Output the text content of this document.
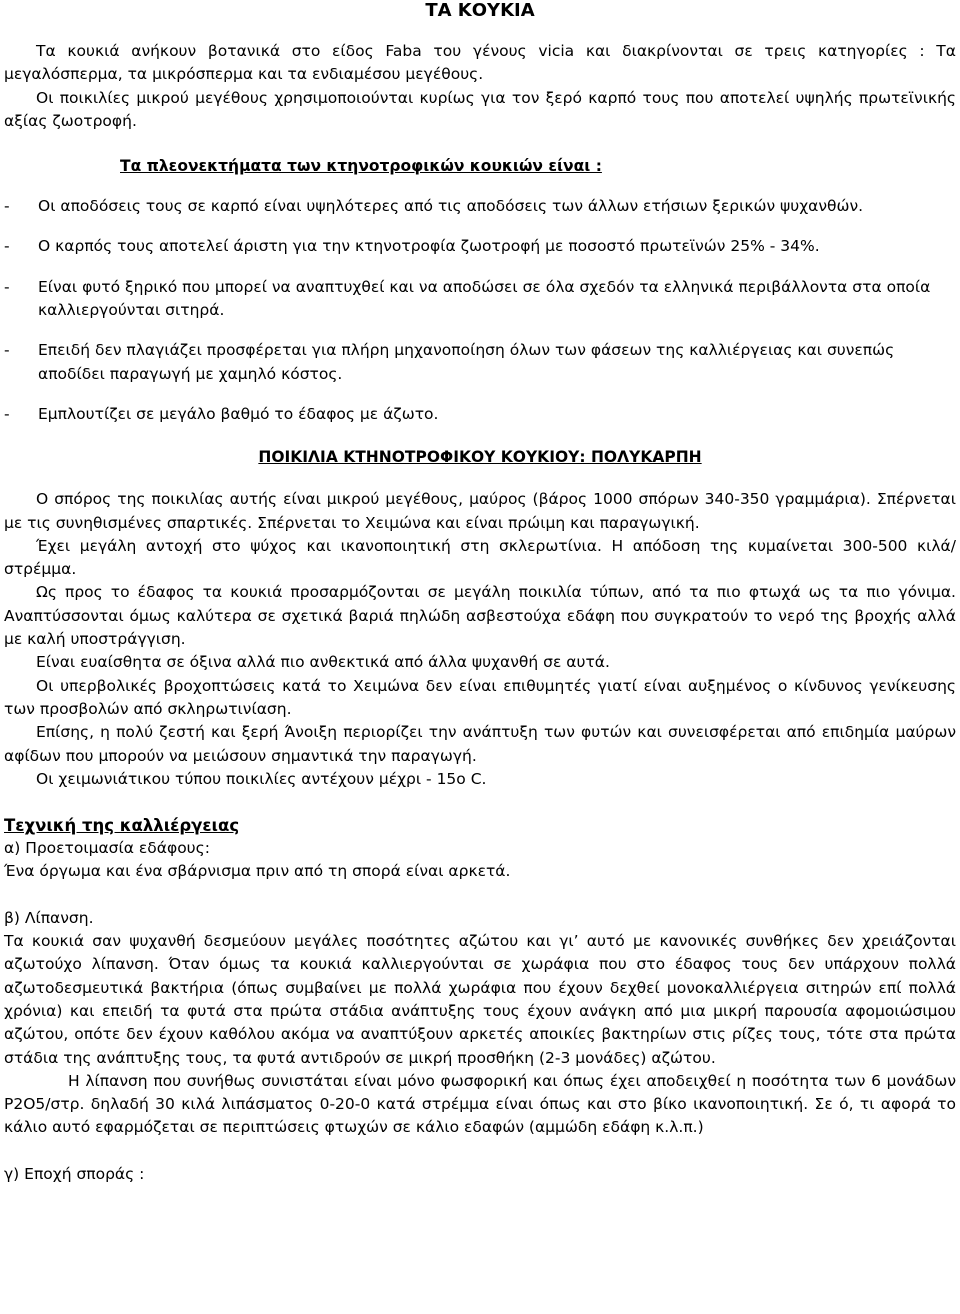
ΤΑ ΚΟΥΚΙΑ

Τα κουκιά ανήκουν βοτανικά στο είδος Faba του γένους vicia και διακρίνονται σε τρεις κατηγορίες : Τα μεγαλόσπερμα, τα μικρόσπερμα και τα ενδιαμέσου μεγέθους.

Οι ποικιλίες μικρού μεγέθους χρησιμοποιούνται κυρίως για τον ξερό καρπό τους που αποτελεί υψηλής πρωτεϊνικής αξίας ζωοτροφή.

Τα πλεονεκτήματα των κτηνοτροφικών κουκιών είναι :
- Οι αποδόσεις τους σε καρπό είναι υψηλότερες από τις αποδόσεις των άλλων ετήσιων ξερικών ψυχανθών.
- Ο καρπός τους αποτελεί άριστη για την κτηνοτροφία ζωοτροφή με ποσοστό πρωτεϊνών 25% - 34%.
- Είναι φυτό ξηρικό που μπορεί να αναπτυχθεί και να αποδώσει σε όλα σχεδόν τα ελληνικά περιβάλλοντα στα οποία καλλιεργούνται σιτηρά.
- Επειδή δεν πλαγιάζει προσφέρεται για πλήρη μηχανοποίηση όλων των φάσεων της καλλιέργειας και συνεπώς αποδίδει παραγωγή με χαμηλό κόστος.
- Εμπλουτίζει σε μεγάλο βαθμό το έδαφος με άζωτο.
ΠΟΙΚΙΛΙΑ ΚΤΗΝΟΤΡΟΦΙΚΟΥ ΚΟΥΚΙΟΥ: ΠΟΛΥΚΑΡΠΗ

Ο σπόρος της ποικιλίας αυτής είναι μικρού μεγέθους, μαύρος (βάρος 1000 σπόρων 340-350 γραμμάρια). Σπέρνεται με τις συνηθισμένες σπαρτικές. Σπέρνεται το Χειμώνα και είναι πρώιμη και παραγωγική.

Έχει μεγάλη αντοχή στο ψύχος και ικανοποιητική στη σκλερωτίνια. Η απόδοση της κυμαίνεται 300-500 κιλά/ στρέμμα.

Ως προς το έδαφος τα κουκιά προσαρμόζονται σε μεγάλη ποικιλία τύπων, από τα πιο φτωχά ως τα πιο γόνιμα. Αναπτύσσονται όμως καλύτερα σε σχετικά βαριά πηλώδη ασβεστούχα εδάφη που συγκρατούν το νερό της βροχής αλλά με καλή υποστράγγιση.

Είναι ευαίσθητα σε όξινα αλλά πιο ανθεκτικά από άλλα ψυχανθή σε αυτά.

Οι υπερβολικές βροχοπτώσεις κατά το Χειμώνα δεν είναι επιθυμητές γιατί είναι αυξημένος ο κίνδυνος γενίκευσης των προσβολών από σκληρωτινίαση.

Επίσης, η πολύ ζεστή και ξερή Άνοιξη περιορίζει την ανάπτυξη των φυτών και συνεισφέρεται από επιδημία μαύρων αφίδων που μπορούν να μειώσουν σημαντικά την παραγωγή.

Οι χειμωνιάτικου τύπου ποικιλίες αντέχουν μέχρι - 15ο C.

Τεχνική της καλλιέργειας

α) Προετοιμασία εδάφους:

Ένα όργωμα και ένα σβάρνισμα πριν από τη σπορά είναι αρκετά.

β) Λίπανση.

Τα κουκιά σαν ψυχανθή δεσμεύουν μεγάλες ποσότητες αζώτου και γι’ αυτό με κανονικές συνθήκες δεν χρειάζονται αζωτούχο λίπανση. Όταν όμως τα κουκιά καλλιεργούνται σε χωράφια που στο έδαφος τους δεν υπάρχουν πολλά αζωτοδεσμευτικά βακτήρια (όπως συμβαίνει με πολλά χωράφια που έχουν δεχθεί μονοκαλλιέργεια σιτηρών επί πολλά χρόνια) και επειδή τα φυτά στα πρώτα στάδια ανάπτυξης τους έχουν ανάγκη από μια μικρή παρουσία αφομοιώσιμου αζώτου, οπότε δεν έχουν καθόλου ακόμα να αναπτύξουν αρκετές αποικίες βακτηρίων στις ρίζες τους, τότε στα πρώτα στάδια της ανάπτυξης τους, τα φυτά αντιδρούν σε μικρή προσθήκη (2-3 μονάδες) αζώτου.

Η λίπανση που συνήθως συνιστάται είναι μόνο φωσφορική και όπως έχει αποδειχθεί η ποσότητα των 6 μονάδων P2O5/στρ. δηλαδή 30 κιλά λιπάσματος 0-20-0 κατά στρέμμα είναι όπως και στο βίκο ικανοποιητική. Σε ό, τι αφορά το κάλιο αυτό εφαρμόζεται σε περιπτώσεις φτωχών σε κάλιο εδαφών (αμμώδη εδάφη κ.λ.π.)

γ) Εποχή σποράς :
